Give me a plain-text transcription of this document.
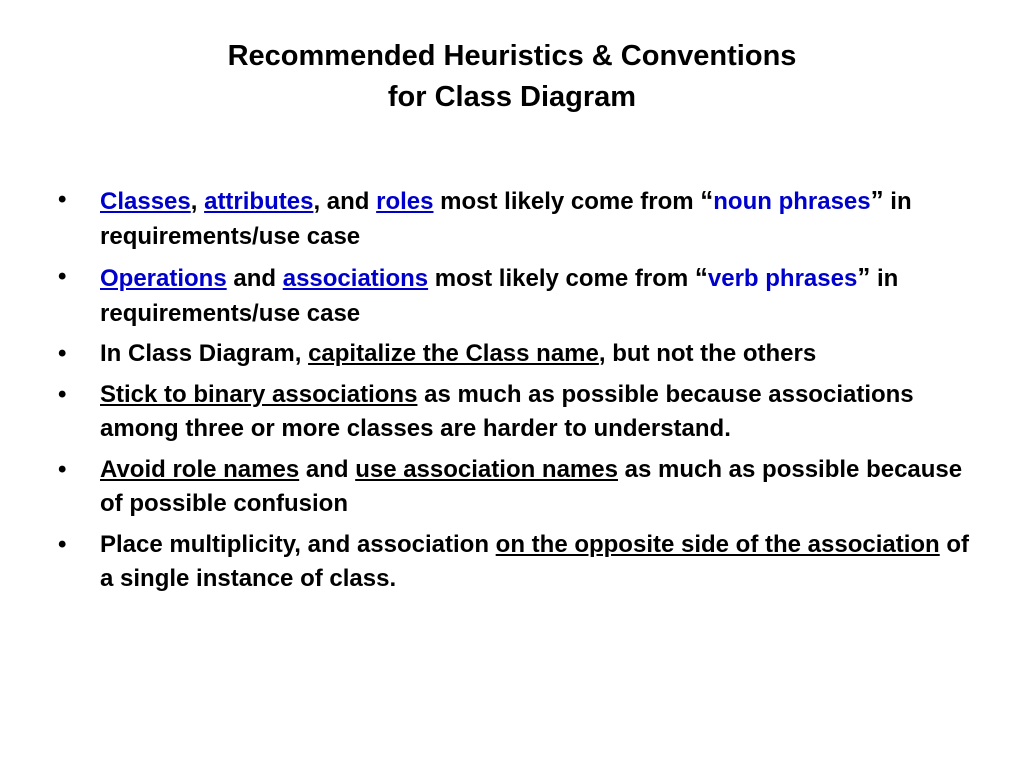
Recommended Heuristics & Conventions
for Class Diagram
•	Classes, attributes, and roles most likely come from “noun phrases” in requirements/use case
•	Operations and associations most likely come from “verb phrases” in requirements/use case
•	In Class Diagram, capitalize the Class name, but not the others
•	Stick to binary associations as much as possible because associations among three or more classes are harder to understand.
•	Avoid role names and use association names as much as possible because of possible confusion
•	Place multiplicity, and association on the opposite side of the association of a single instance of class.
